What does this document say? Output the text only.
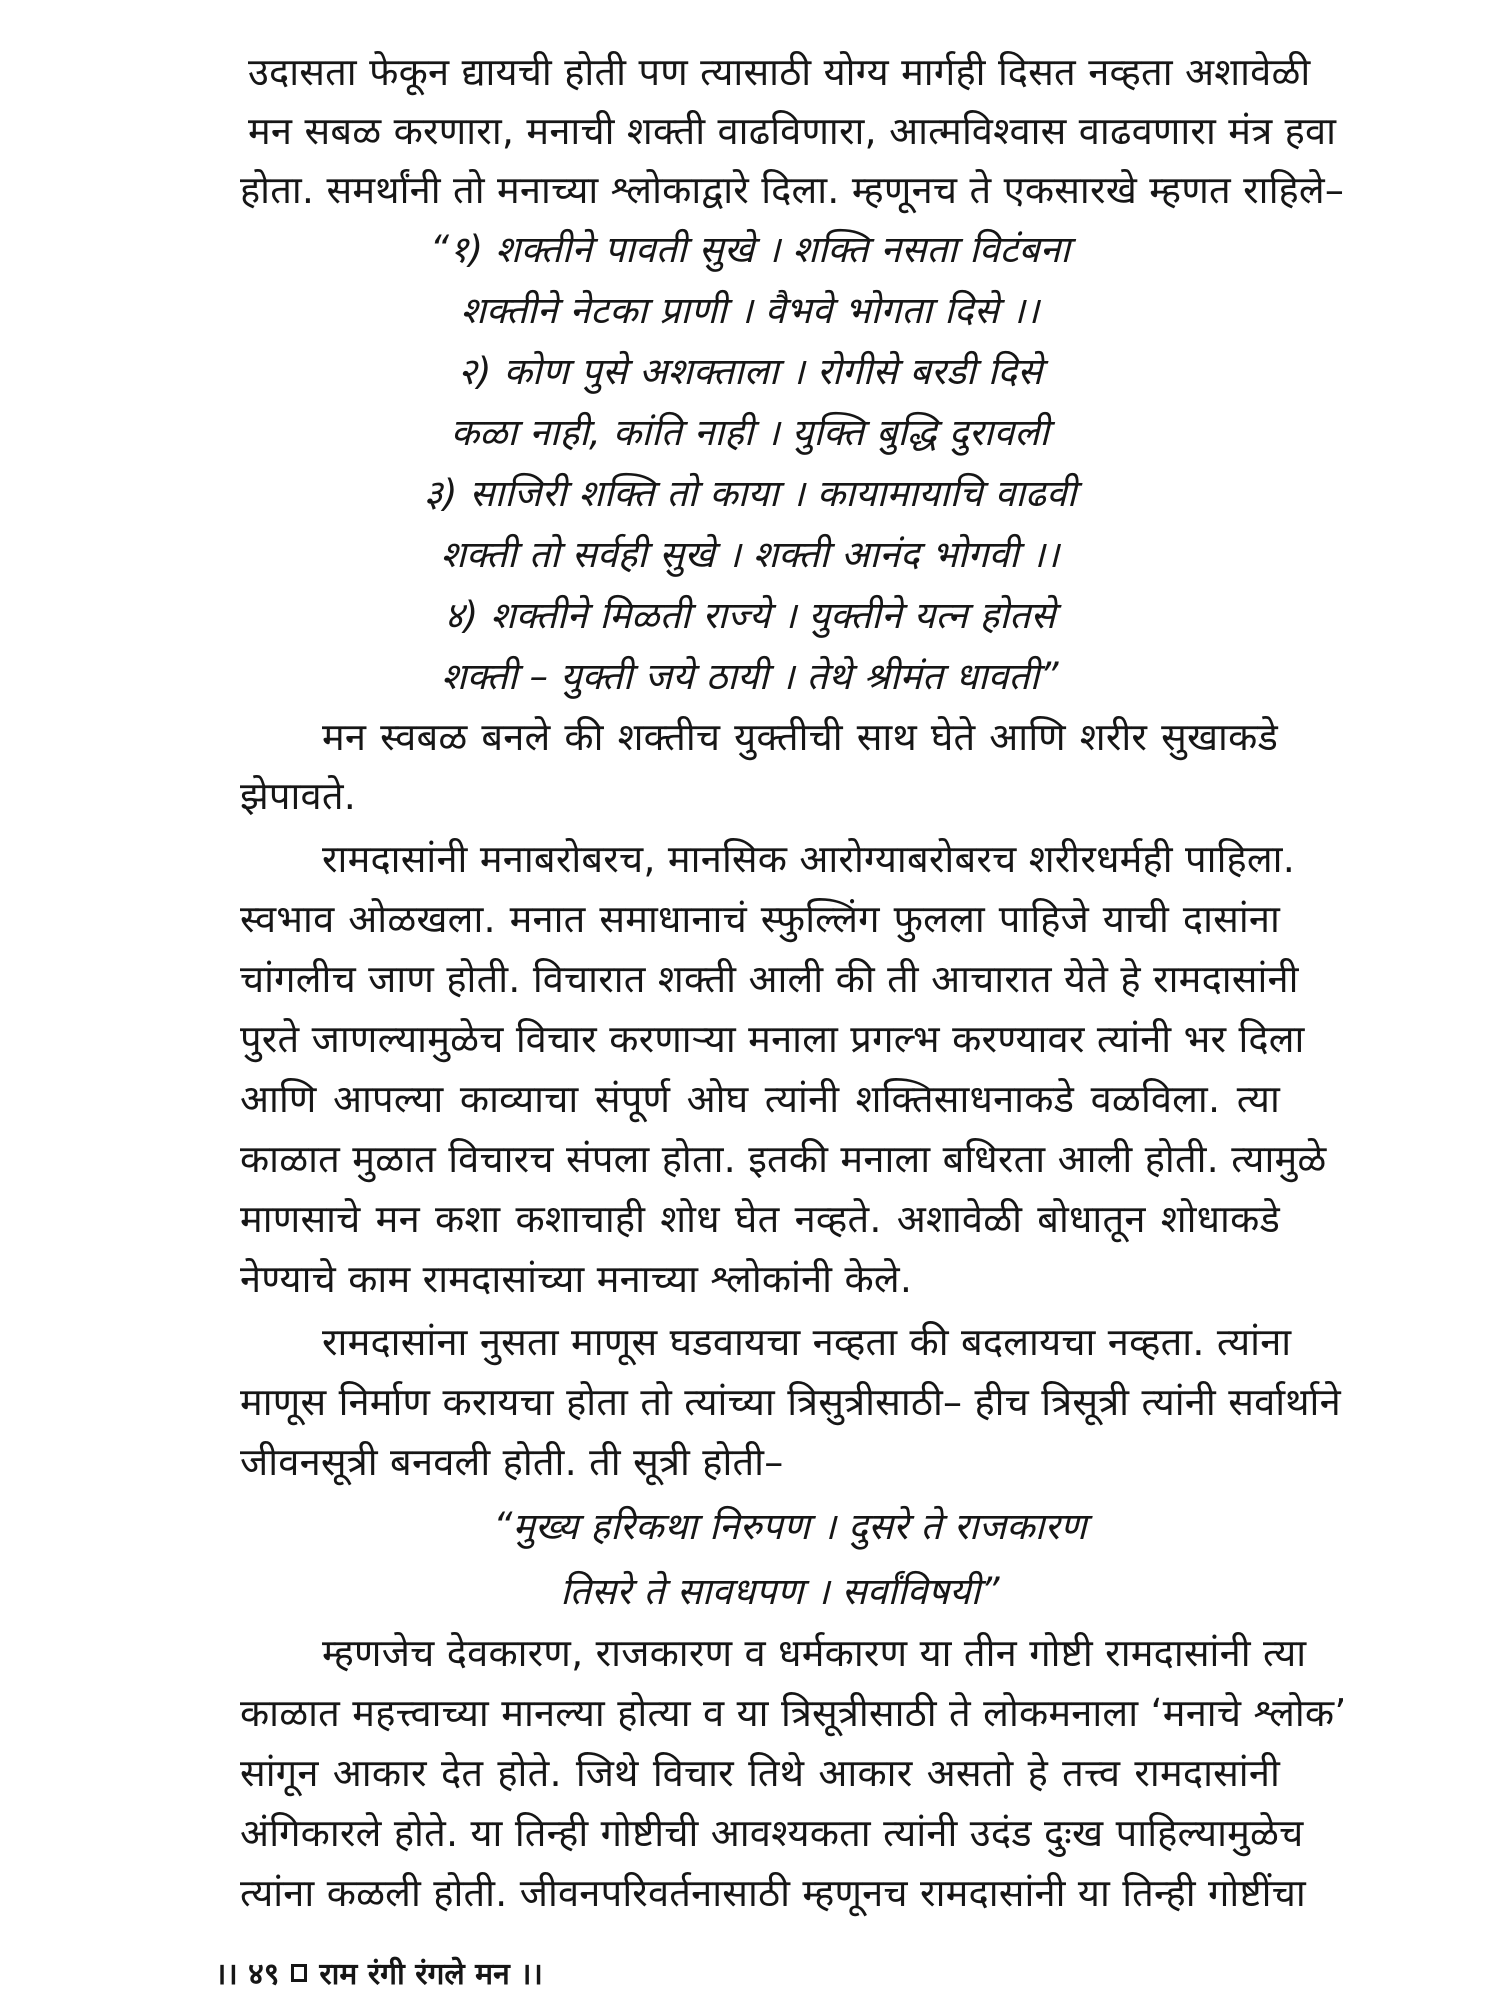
उदासता फेकून द्यायची होती पण त्यासाठी योग्य मार्गही दिसत नव्हता अशावेळी
मन सबळ करणारा, मनाची शक्ती वाढविणारा, आत्मविश्वास वाढवणारा मंत्र हवा
होता. समर्थांनी तो मनाच्या श्लोकाद्वारे दिला. म्हणूनच ते एकसारखे म्हणत राहिले–
“१) शक्तीने पावती सुखे । शक्ति नसता विटंबना
शक्तीने नेटका प्राणी । वैभवे भोगता दिसे ।।
२) कोण पुसे अशक्ताला । रोगीसे बरडी दिसे
कळा नाही, कांति नाही । युक्ति बुद्धि दुरावली
३) साजिरी शक्ति तो काया । कायामायाचि वाढवी
शक्ती तो सर्वही सुखे । शक्ती आनंद भोगवी ।।
४) शक्तीने मिळती राज्ये । युक्तीने यत्न होतसे
शक्ती – युक्ती जये ठायी । तेथे श्रीमंत धावती”
मन स्वबळ बनले की शक्तीच युक्तीची साथ घेते आणि शरीर सुखाकडे
झेपावते.
रामदासांनी मनाबरोबरच, मानसिक आरोग्याबरोबरच शरीरधर्मही पाहिला.
स्वभाव ओळखला. मनात समाधानाचं स्फुल्लिंग फुलला पाहिजे याची दासांना
चांगलीच जाण होती. विचारात शक्ती आली की ती आचारात येते हे रामदासांनी
पुरते जाणल्यामुळेच विचार करणाऱ्या मनाला प्रगल्भ करण्यावर त्यांनी भर दिला
आणि आपल्या काव्याचा संपूर्ण ओघ त्यांनी शक्तिसाधनाकडे वळविला. त्या
काळात मुळात विचारच संपला होता. इतकी मनाला बधिरता आली होती. त्यामुळे
माणसाचे मन कशा कशाचाही शोध घेत नव्हते. अशावेळी बोधातून शोधाकडे
नेण्याचे काम रामदासांच्या मनाच्या श्लोकांनी केले.
रामदासांना नुसता माणूस घडवायचा नव्हता की बदलायचा नव्हता. त्यांना
माणूस निर्माण करायचा होता तो त्यांच्या त्रिसुत्रीसाठी– हीच त्रिसूत्री त्यांनी सर्वार्थाने
जीवनसूत्री बनवली होती. ती सूत्री होती–
“मुख्य हरिकथा निरुपण । दुसरे ते राजकारण
तिसरे ते सावधपण । सर्वांविषयी”
म्हणजेच देवकारण, राजकारण व धर्मकारण या तीन गोष्टी रामदासांनी त्या
काळात महत्त्वाच्या मानल्या होत्या व या त्रिसूत्रीसाठी ते लोकमनाला ‘मनाचे श्लोक’
सांगून आकार देत होते. जिथे विचार तिथे आकार असतो हे तत्त्व रामदासांनी
अंगिकारले होते. या तिन्ही गोष्टीची आवश्यकता त्यांनी उदंड दुःख पाहिल्यामुळेच
त्यांना कळली होती. जीवनपरिवर्तनासाठी म्हणूनच रामदासांनी या तिन्ही गोष्टींचा
।। ४९ राम रंगी रंगले मन ।।
